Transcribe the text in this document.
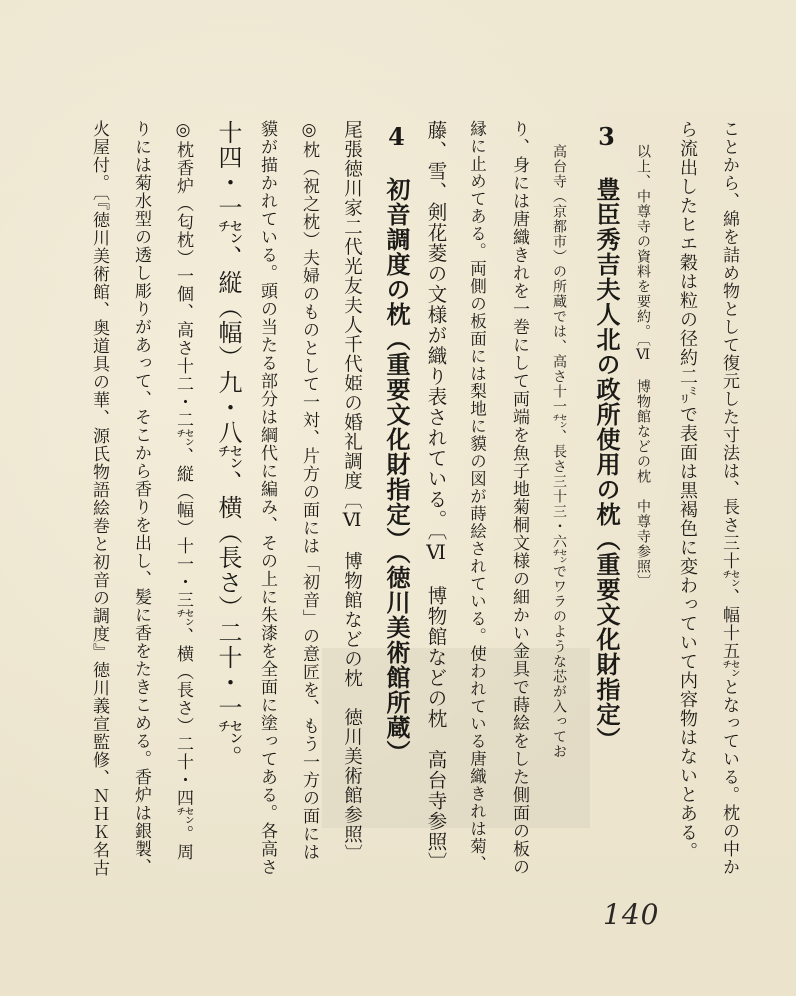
ことから、綿を詰め物として復元した寸法は、長さ三十㌢、幅十五㌢となっている。枕の中か
ら流出したヒエ穀は粒の径約二㍉で表面は黒褐色に変わっていて内容物はないとある。
以上、中尊寺の資料を要約。〔Ⅵ　博物館などの枕　中尊寺参照〕
3　豊臣秀吉夫人北の政所使用の枕（重要文化財指定）
高台寺（京都市）の所蔵では、高さ十一㌢、長さ三十三・六㌢でワラのような芯が入ってお
り、身には唐織きれを一巻にして両端を魚子地菊桐文様の細かい金具で蒔絵をした側面の板の
縁に止めてある。両側の板面には梨地に貘の図が蒔絵されている。使われている唐織きれは菊、
藤、雪、剣花菱の文様が織り表されている。〔Ⅵ　博物館などの枕　高台寺参照〕
4　初音調度の枕（重要文化財指定）（徳川美術館所蔵）
尾張徳川家二代光友夫人千代姫の婚礼調度〔Ⅵ　博物館などの枕　徳川美術館参照〕
◎枕（祝之枕）夫婦のものとして一対、片方の面には「初音」の意匠を、もう一方の面には
貘が描かれている。頭の当たる部分は綱代に編み、その上に朱漆を全面に塗ってある。各高さ
十四・一㌢、縦（幅）九・八㌢、横（長さ）二十・一㌢。
◎枕香炉（匂枕）一個、高さ十二・二㌢、縦（幅）十一・三㌢、横（長さ）二十・四㌢。周
りには菊水型の透し彫りがあって、そこから香りを出し、髪に香をたきこめる。香炉は銀製、
火屋付。〔『徳川美術館、奥道具の華、源氏物語絵巻と初音の調度』徳川義宣監修、ＮＨＫ名古
140
